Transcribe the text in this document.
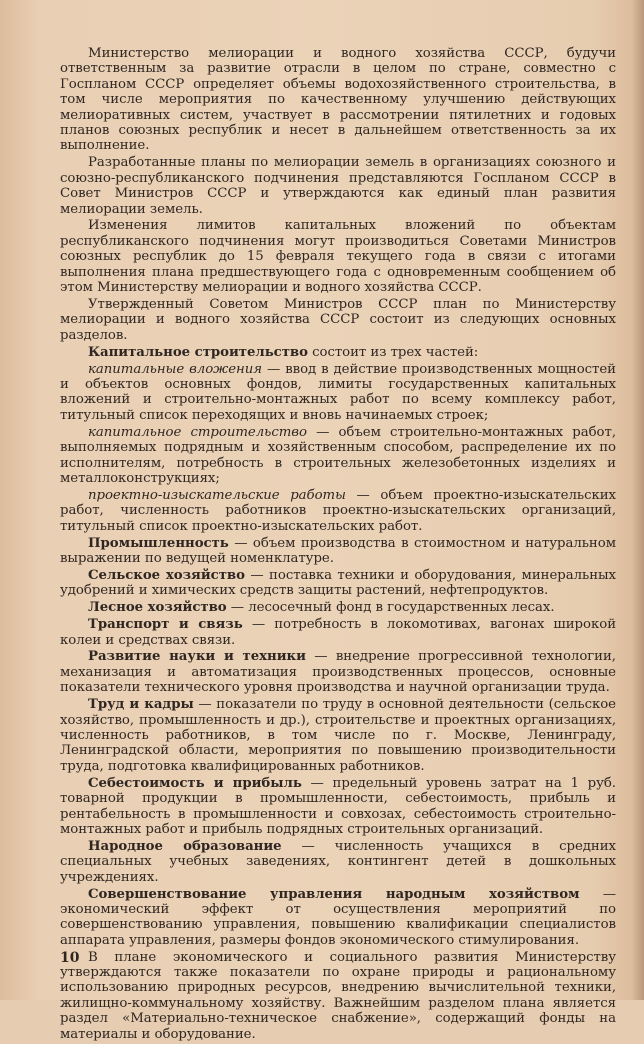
Министерство мелиорации и водного хозяйства СССР, будучи ответственным за развитие отрасли в целом по стране, совместно с Госпланом СССР определяет объемы водохозяйственного строительства, в том числе мероприятия по качественному улучшению действующих мелиоративных систем, участвует в рассмотрении пятилетних и годовых планов союзных республик и несет в дальнейшем ответственность за их выполнение.

Разработанные планы по мелиорации земель в организациях союзного и союзно-республиканского подчинения представляются Госпланом СССР в Совет Министров СССР и утверждаются как единый план развития мелиорации земель.

Изменения лимитов капитальных вложений по объектам республиканского подчинения могут производиться Советами Министров союзных республик до 15 февраля текущего года в связи с итогами выполнения плана предшествующего года с одновременным сообщением об этом Министерству мелиорации и водного хозяйства СССР.

Утвержденный Советом Министров СССР план по Министерству мелиорации и водного хозяйства СССР состоит из следующих основных разделов.

Капитальное строительство состоит из трех частей:

капитальные вложения — ввод в действие производственных мощностей и объектов основных фондов, лимиты государственных капитальных вложений и строительно-монтажных работ по всему комплексу работ, титульный список переходящих и вновь начинаемых строек;

капитальное строительство — объем строительно-монтажных работ, выполняемых подрядным и хозяйственным способом, распределение их по исполнителям, потребность в строительных железобетонных изделиях и металлоконструкциях;

проектно-изыскательские работы — объем проектно-изыскательских работ, численность работников проектно-изыскательских организаций, титульный список проектно-изыскательских работ.

Промышленность — объем производства в стоимостном и натуральном выражении по ведущей номенклатуре.

Сельское хозяйство — поставка техники и оборудования, минеральных удобрений и химических средств защиты растений, нефтепродуктов.

Лесное хозяйство — лесосечный фонд в государственных лесах.

Транспорт и связь — потребность в локомотивах, вагонах широкой колеи и средствах связи.

Развитие науки и техники — внедрение прогрессивной технологии, механизация и автоматизация производственных процессов, основные показатели технического уровня производства и научной организации труда.

Труд и кадры — показатели по труду в основной деятельности (сельское хозяйство, промышленность и др.), строительстве и проектных организациях, численность работников, в том числе по г. Москве, Ленинграду, Ленинградской области, мероприятия по повышению производительности труда, подготовка квалифицированных работников.

Себестоимость и прибыль — предельный уровень затрат на 1 руб. товарной продукции в промышленности, себестоимость, прибыль и рентабельность в промышленности и совхозах, себестоимость строительно-монтажных работ и прибыль подрядных строительных организаций.

Народное образование — численность учащихся в средних специальных учебных заведениях, контингент детей в дошкольных учреждениях.

Совершенствование управления народным хозяйством — экономический эффект от осуществления мероприятий по совершенствованию управления, повышению квалификации специалистов аппарата управления, размеры фондов экономического стимулирования.

В плане экономического и социального развития Министерству утверждаются также показатели по охране природы и рациональному использованию природных ресурсов, внедрению вычислительной техники, жилищно-коммунальному хозяйству. Важнейшим разделом плана является раздел «Материально-техническое снабжение», содержащий фонды на материалы и оборудование.

10
